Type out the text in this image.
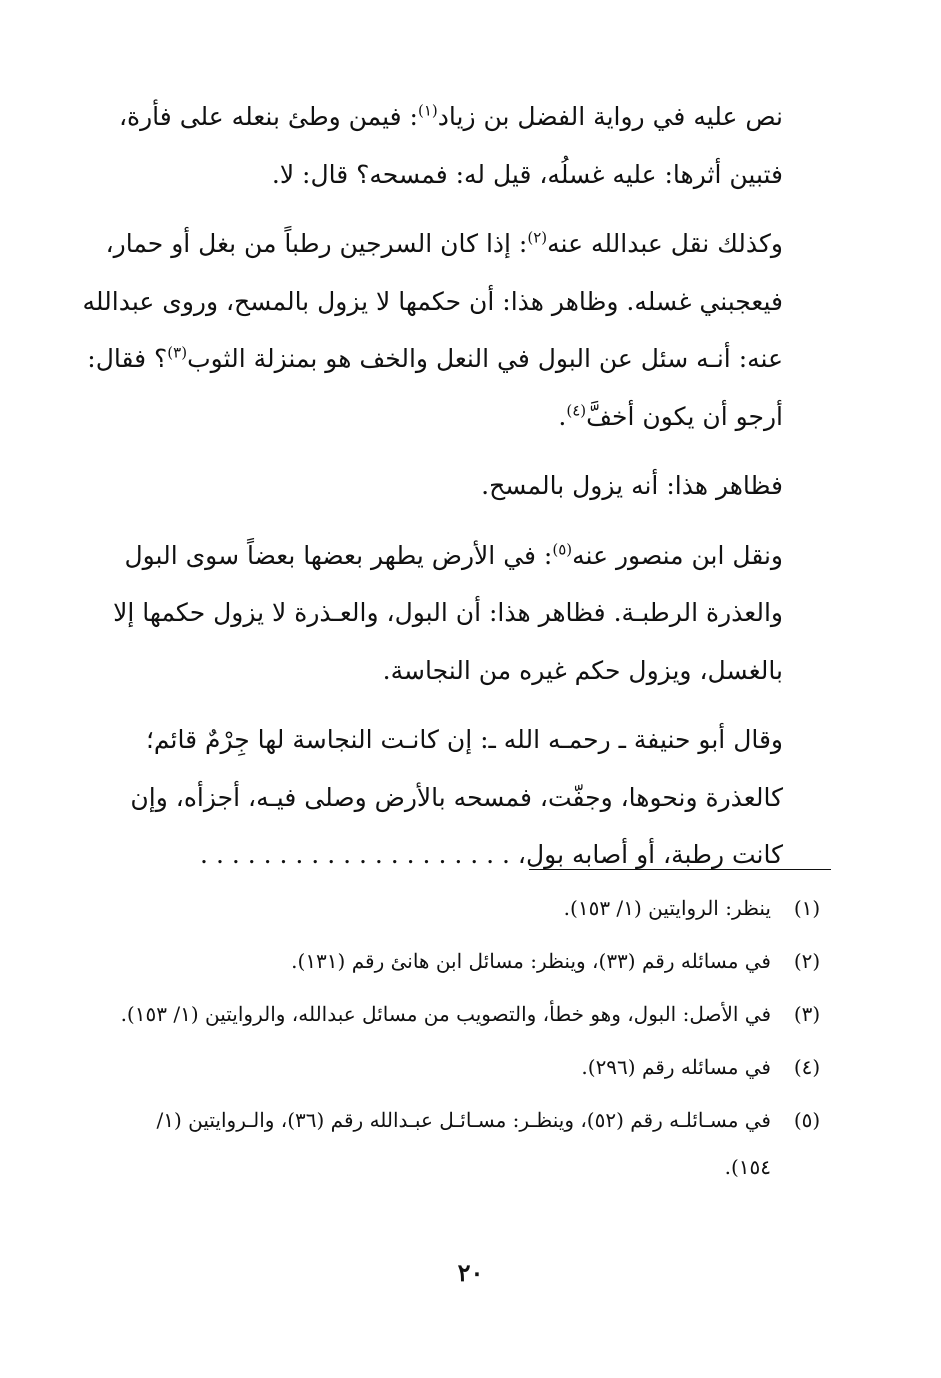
نص عليه في رواية الفضل بن زياد$^{(١)}$: فيمن وطئ بنعله على فأرة،
فتبين أثرها: عليه غسلُه، قيل له: فمسحه؟ قال: لا.

وكذلك نقل عبدالله عنه$^{(٢)}$: إذا كان السرجين رطباً من بغل أو حمار،
فيعجبني غسله. وظاهر هذا: أن حكمها لا يزول بالمسح، وروى عبدالله
عنه: أنـه سئل عن البول في النعل والخف هو بمنزلة الثوب$^{(٣)}$؟ فقال:
أرجو أن يكون أخفَّ$^{(٤)}$.

فظاهر هذا: أنه يزول بالمسح.

ونقل ابن منصور عنه$^{(٥)}$: في الأرض يطهر بعضها بعضاً سوى البول
والعذرة الرطبـة. فظاهر هذا: أن البول، والعـذرة لا يزول حكمها إلا
بالغسل، ويزول حكم غيره من النجاسة.

وقال أبو حنيفة ـ رحمـه الله ـ: إن كانـت النجاسة لها جِرْمٌ قائم؛
كالعذرة ونحوها، وجفّت، فمسحه بالأرض وصلى فيـه، أجزأه، وإن
كانت رطبة، أو أصابه بول، . . . . . . . . . . . . . . . . . . . .

(١)
ينظر: الروايتين (١/ ١٥٣).
(٢)
في مسائله رقم (٣٣)، وينظر: مسائل ابن هانئ رقم (١٣١).
(٣)
في الأصل: البول، وهو خطأ، والتصويب من مسائل عبدالله، والروايتين (١/ ١٥٣).
(٤)
في مسائله رقم (٢٩٦).
(٥)
في مسـائلـه رقم (٥٢)، وينظـر: مسـائـل عبـدالله رقم (٣٦)، والـروايتين (١/ ١٥٤).
٢٠
